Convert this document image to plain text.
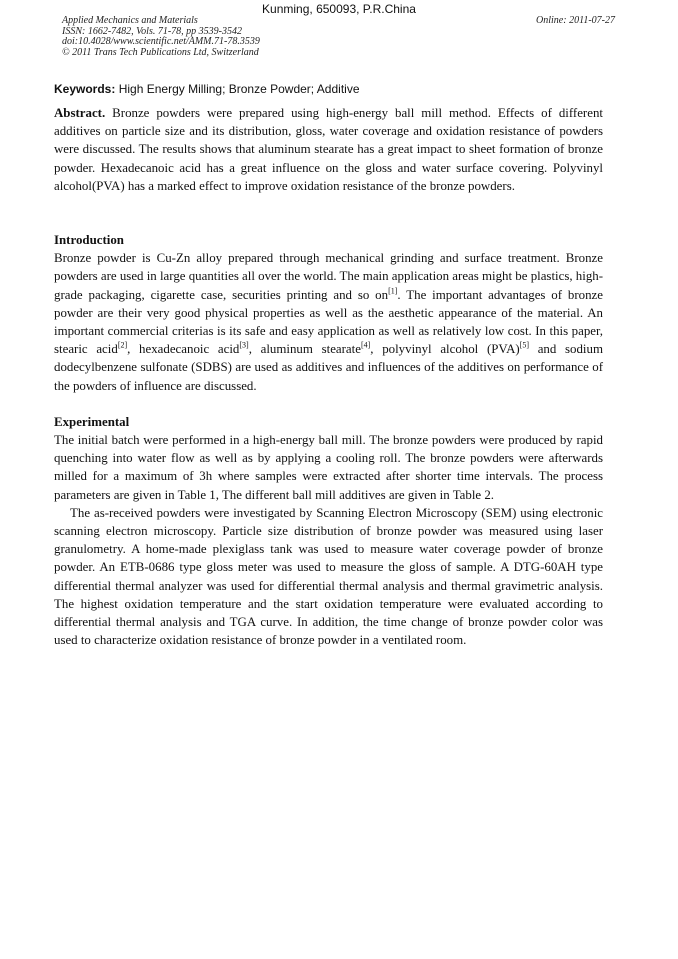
Kunming, 650093, P.R.China
Applied Mechanics and Materials
ISSN: 1662-7482, Vols. 71-78, pp 3539-3542
doi:10.4028/www.scientific.net/AMM.71-78.3539
© 2011 Trans Tech Publications Ltd, Switzerland
Online: 2011-07-27
Keywords: High Energy Milling; Bronze Powder; Additive

Abstract. Bronze powders were prepared using high-energy ball mill method. Effects of different additives on particle size and its distribution, gloss, water coverage and oxidation resistance of powders were discussed. The results shows that aluminum stearate has a great impact to sheet formation of bronze powder. Hexadecanoic acid has a great influence on the gloss and water surface covering. Polyvinyl alcohol(PVA) has a marked effect to improve oxidation resistance of the bronze powders.

Introduction

Bronze powder is Cu-Zn alloy prepared through mechanical grinding and surface treatment. Bronze powders are used in large quantities all over the world. The main application areas might be plastics, high-grade packaging, cigarette case, securities printing and so on[1]. The important advantages of bronze powder are their very good physical properties as well as the aesthetic appearance of the material. An important commercial criterias is its safe and easy application as well as relatively low cost. In this paper, stearic acid[2], hexadecanoic acid[3], aluminum stearate[4], polyvinyl alcohol (PVA)[5] and sodium dodecylbenzene sulfonate (SDBS) are used as additives and influences of the additives on performance of the powders of influence are discussed.

Experimental

The initial batch were performed in a high-energy ball mill. The bronze powders were produced by rapid quenching into water flow as well as by applying a cooling roll. The bronze powders were afterwards milled for a maximum of 3h where samples were extracted after shorter time intervals. The process parameters are given in Table 1, The different ball mill additives are given in Table 2.

The as-received powders were investigated by Scanning Electron Microscopy (SEM) using electronic scanning electron microscopy. Particle size distribution of bronze powder was measured using laser granulometry. A home-made plexiglass tank was used to measure water coverage powder of bronze powder. An ETB-0686 type gloss meter was used to measure the gloss of sample. A DTG-60AH type differential thermal analyzer was used for differential thermal analysis and thermal gravimetric analysis. The highest oxidation temperature and the start oxidation temperature were evaluated according to differential thermal analysis and TGA curve. In addition, the time change of bronze powder color was used to characterize oxidation resistance of bronze powder in a ventilated room.
